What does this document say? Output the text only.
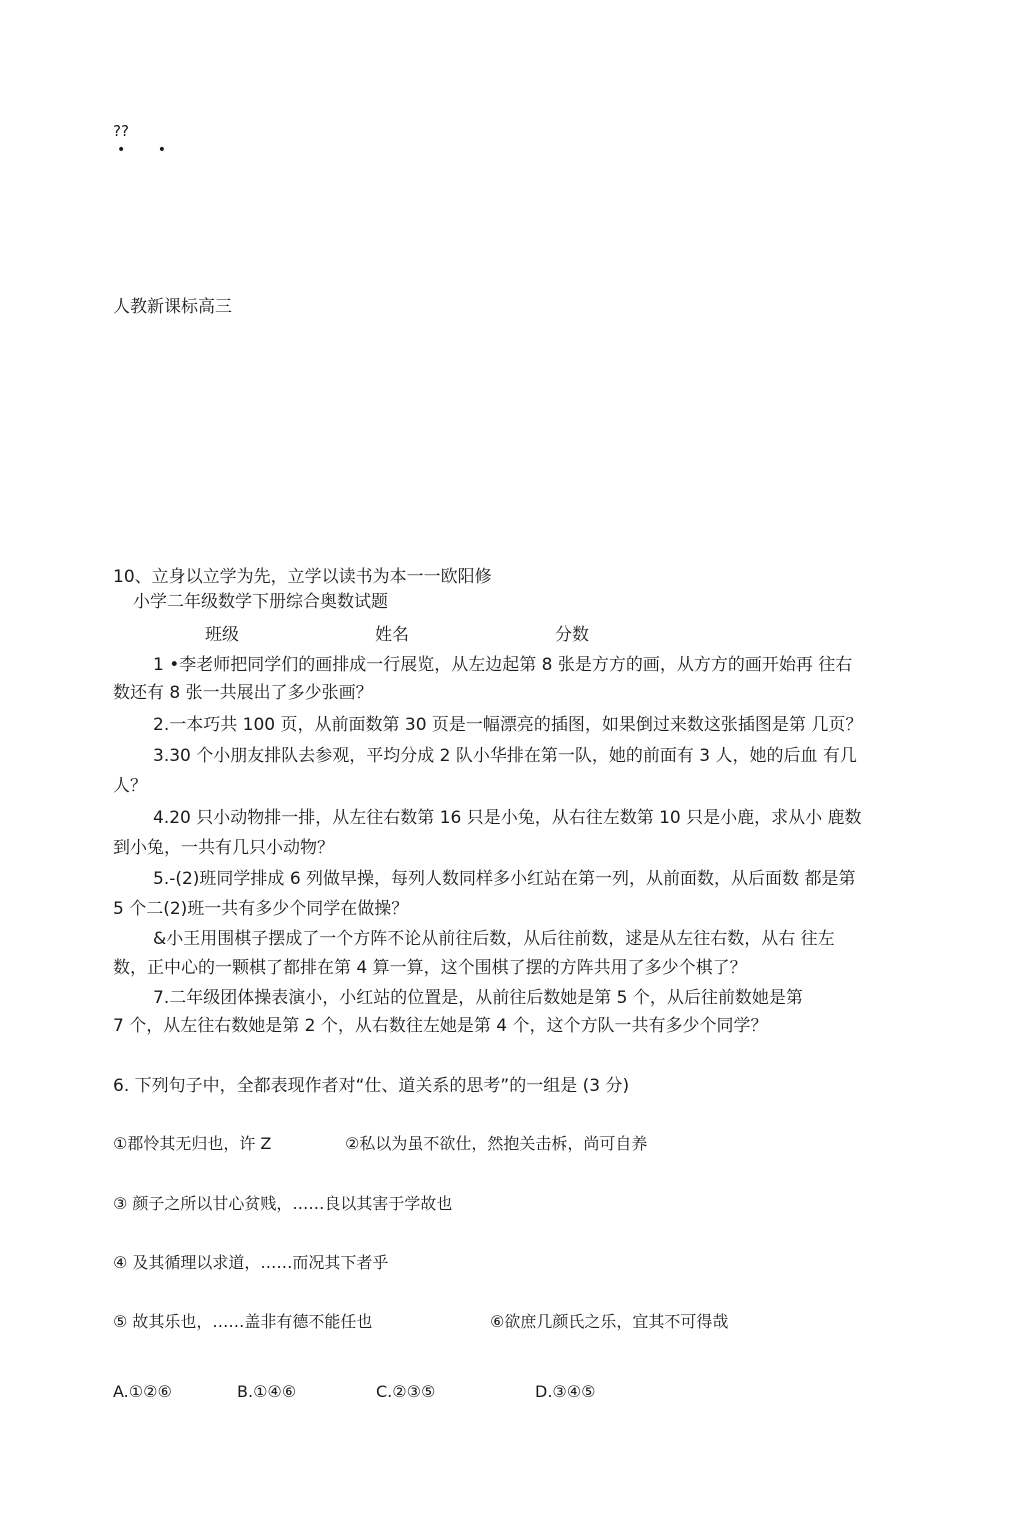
??
• •
人教新课标高三
10、立身以立学为先，立学以读书为本一一欧阳修
小学二年级数学下册综合奥数试题
班级	姓名	分数
1 •李老师把同学们的画排成一行展览，从左边起第 8 张是方方的画，从方方的画开始再 往右
数还有 8 张一共展出了多少张画？
2.一本巧共 100 页，从前面数第 30 页是一幅漂亮的插图，如果倒过来数这张插图是第 几页？
3.30 个小朋友排队去参观，平均分成 2 队小华排在第一队，她的前面有 3 人，她的后血 有几
人？
4.20 只小动物排一排，从左往右数第 16 只是小兔，从右往左数第 10 只是小鹿，求从小 鹿数
到小兔，一共有几只小动物？
5.-(2)班同学排成 6 列做早操，每列人数同样多小红站在第一列，从前面数，从后面数 都是第
5 个二(2)班一共有多少个同学在做操？
&小王用围棋子摆成了一个方阵不论从前往后数，从后往前数，逑是从左往右数，从右 往左
数，正中心的一颗棋了都排在第 4 算一算，这个围棋了摆的方阵共用了多少个棋了？
7.二年级团体操表演小，小红站的位置是，从前往后数她是第 5 个，从后往前数她是第
7 个，从左往右数她是第 2 个，从右数往左她是第 4 个，这个方队一共有多少个同学？
6. 下列句子中，全都表现作者对“仕、道关系的思考”的一组是 (3 分)
①郡怜其无归也，许 Z	②私以为虽不欲仕，然抱关击柝，尚可自养
③ 颜子之所以甘心贫贱，……良以其害于学故也
④ 及其循理以求道，……而况其下者乎
⑤ 故其乐也，……盖非有德不能任也	⑥欲庶几颜氏之乐，宜其不可得哉
A.①②⑥	B.①④⑥	C.②③⑤	D.③④⑤
